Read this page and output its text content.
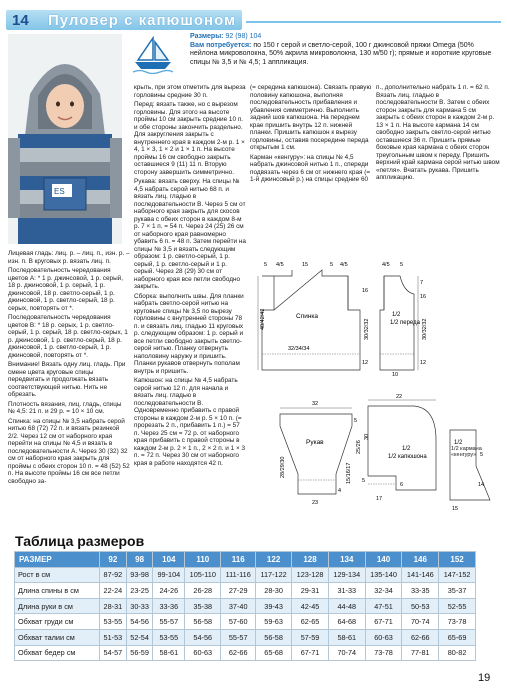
14 Пуловер с капюшоном
ES
Размеры: 92 (98) 104
Вам потребуется: по 150 г серой и светло-серой, 100 г джинсовой пряжи Omega (50% нейлона микроволокна, 50% акрила микроволокна, 130 м/50 г); прямые и короткие круговые спицы № 3,5 и № 4,5; 1 аппликация.

Лицевая гладь: лиц. р. – лиц. п., изн. р. – изн. п. В круговых р. вязать лиц. п.

Последовательность чередования цветов А: * 1 р. джинсовой, 1 р. серый, 18 р. джинсовой, 1 р. серый, 1 р. джинсовой, 18 р. светло-серый, 1 р. джинсовой, 1 р. светло-серый, 18 р. серых, повторять от *.

Последовательность чередования цветов В: * 18 р. серых, 1 р. светло-серый, 1 р. серый, 18 р. светло-серых, 1 р. джинсовой, 1 р. светло-серый, 18 р. джинсовой, 1 р. светло-серый, 1 р. джинсовой, повторять от *.

Внимание! Вязать одну лиц. гладь. При смене цвета круговые спицы передвигать и продолжать вязать соответствующей нитью. Нить не обрезать.

Плотность вязания, лиц. гладь, спицы № 4,5: 21 п. и 29 р. = 10 × 10 см.

Спинка: на спицы № 3,5 набрать серой нитью 68 (72) 72 п. и вязать резинкой 2/2. Через 12 см от наборного края перейти на спицы № 4,5 и вязать в последовательности А. Через 30 (32) 32 см от наборного края закрыть для проймы с обеих сторон 10 п. = 48 (52) 52 п. На высоте проймы 16 см все петли свободно за-

крыть, при этом отметить для выреза горловины средние 30 п.

Перед: вязать также, но с вырезом горловины. Для этого на высоте проймы 10 см закрыть средние 10 п. и обе стороны закончить раздельно. Для закругления закрыть с внутреннего края в каждом 2-м р. 1 × 4, 1 × 3, 1 × 2 и 1 × 1 п. На высоте проймы 16 см свободно закрыть оставшиеся 9 (11) 11 п. Вторую сторону завершить симметрично.

Рукава: вязать сверху. На спицы № 4,5 набрать серой нитью 68 п. и вязать лиц. гладью в последовательности В. Через 5 см от наборного края закрыть для скосов рукава с обеих сторон в каждом 8-м р. 7 × 1 п. = 54 п. Через 24 (25) 26 см от наборного края равномерно убавить 6 п. = 48 п. Затем перейти на спицы № 3,5 и вязать следующим образом: 1 р. светло-серый, 1 р. серый, 1 р. светло-серый и 1 р. серый. Через 28 (29) 30 см от наборного края все петли свободно закрыть.

Сборка: выполнить швы. Для планки набрать светло-серой нитью на круговые спицы № 3,5 по вырезу горловины с внутренней стороны 78 п. и связать лиц. гладью 11 круговых р. следующим образом: 1 р. серый и все петли свободно закрыть светло-серой нитью. Планку отвернуть наполовину наружу и пришить. Планки рукавов отвернуть пополам внутрь и пришить.

Капюшон: на спицы № 4,5 набрать серой нитью 12 п. для начала и вязать лиц. гладью в последовательности В. Одновременно прибавить с правой стороны в каждом 2-м р. 5 × 10 п. (= прорезать 2 п., прибавить 1 п.) = 57 п. Через 25 см = 72 р. от наборного края прибавить с правой стороны в каждом 2-м р. 2 × 1 п., 2 × 2 п. и 1 × 3 п. = 72 п. Через 30 см от наборного края в работе находятся 42 п.

(= середина капюшона). Связать правую половину капюшона, выполняя последовательность прибавления и убавления симметрично. Выполнить задний шов капюшона. На переднем крае пришить внутрь 12 п. нижней планки. Пришить капюшон к вырезу горловины, оставив посередине переда открытым 1 см.

Карман «кенгуру»: на спицы № 4,5 набрать джинсовой нитью 1 п., спереди подвязать через 6 см от нижнего края (= 1-й джинсовый р.) на спицы средние 60

п., дополнительно набрать 1 п. = 62 п. Вязать лиц. гладью в последовательности В. Затем с обеих сторон закрыть для кармана 5 см закрыть с обеих сторон в каждом 2-м р. 13 × 1 п. На высоте кармана 14 см свободно закрыть светло-серой нитью оставшиеся 36 п. Пришить прямые боковые края кармана с обеих сторон треугольным швом к переду. Пришить верхний край кармана серой нитью швом «петля». Вчатать рукава. Пришить аппликацию.

5 4/5	15	5 4/5
Спинка
32/34/34
40/42/42
16
30/32/32
12
4/5 5
7
1/2
1/2 переда
16
30/32/32
12
10
32
Рукав	25/26
5
15/16/17
28/29/30
4
23
22
1/2
1/2 капюшона
6
17
5
30
1/2
1/2 кармана «кенгуру»
15
14
5
Таблица размеров
РАЗМЕР	92	98	104	110	116	122	128	134	140	146	152
Рост в см	87-92	93-98	99-104	105-110	111-116	117-122	123-128	129-134	135-140	141-146	147-152
Длина спины в см	22-24	23-25	24-26	26-28	27-29	28-30	29-31	31-33	32-34	33-35	35-37
Длина руки в см	28-31	30-33	33-36	35-38	37-40	39-43	42-45	44-48	47-51	50-53	52-55
Обхват груди см	53-55	54-56	55-57	56-58	57-60	59-63	62-65	64-68	67-71	70-74	73-78
Обхват талии см	51-53	52-54	53-55	54-56	55-57	56-58	57-59	58-61	60-63	62-66	65-69
Обхват бедер см	54-57	56-59	58-61	60-63	62-66	65-68	67-71	70-74	73-78	77-81	80-82
19
